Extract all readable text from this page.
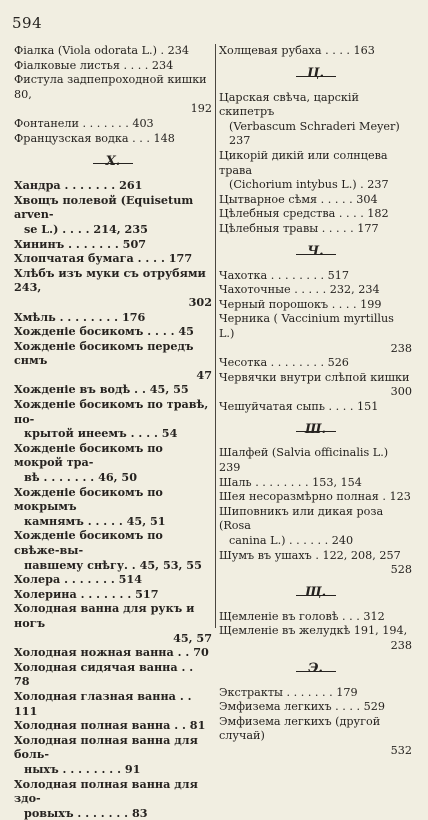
594
Фіалка (Viola odorata L.) . 234
Фіалковые листья . . . . 234
Фистула задпепроходной кишки 80,
192
Фонтанели . . . . . . . 403
Французская водка . . . 148
X.
Хандра . . . . . . . 261
Хвощъ полевой (Equisetum arven-
se L.) . . . . 214, 235
Хининъ . . . . . . . 507
Хлопчатая бумага . . . . 177
Хлѣбъ изъ муки съ отрубями 243,
302
Хмѣль . . . . . . . . 176
Хожденіе босикомъ . . . . 45
Хожденіе босикомъ передъ снмъ
47
Хожденіе въ водѣ . . 45, 55
Хожденіе босикомъ по травѣ, по-
крытой инеемъ . . . . 54
Хожденіе босикомъ по мокрой тра-
вѣ . . . . . . . 46, 50
Хожденіе босикомъ по мокрымъ
камнямъ . . . . . 45, 51
Хожденіе босикомъ по свѣже-вы-
павшему снѣгу. . 45, 53, 55
Холера . . . . . . . 514
Холерина . . . . . . . 517
Холодная ванна для рукъ и ногъ
45, 57
Холодная ножная ванна . . 70
Холодная сидячая ванна . . 78
Холодная глазная ванна . . 111
Холодная полная ванна . . 81
Холодная полная ванна для боль-
ныхъ . . . . . . . . 91
Холодная полная ванна для здо-
ровыхъ . . . . . . . 83
Холщевая рубаха . . . . 163
Ц.
Царская свѣча, царскій скипетръ
(Verbascum Schraderi Meyer) 237
Цикорій дикій или солнцева трава
(Cichorium intybus L.) . 237
Цытварное сѣмя . . . . . 304
Цѣлебныя средства . . . . 182
Цѣлебныя травы . . . . . 177
Ч.
Чахотка . . . . . . . . 517
Чахоточные . . . . . 232, 234
Черный порошокъ . . . . 199
Черника ( Vaccinium myrtillus L.)
238
Чесотка . . . . . . . . 526
Червячки внутри слѣпой кишки
300
Чешуйчатая сыпь . . . . 151
Ш.
Шалфей (Salvia officinalis L.) 239
Шаль . . . . . . . . 153, 154
Шея несоразмѣрно полная . 123
Шиповникъ или дикая роза (Rosa
canina L.) . . . . . . 240
Шумъ въ ушахъ . 122, 208, 257
528
Щ.
Щемленіе въ головѣ . . . 312
Щемленіе въ желудкѣ 191, 194,
238
Э.
Экстракты . . . . . . . 179
Эмфизема легкихъ . . . . 529
Эмфизема легкихъ (другой случай)
532
